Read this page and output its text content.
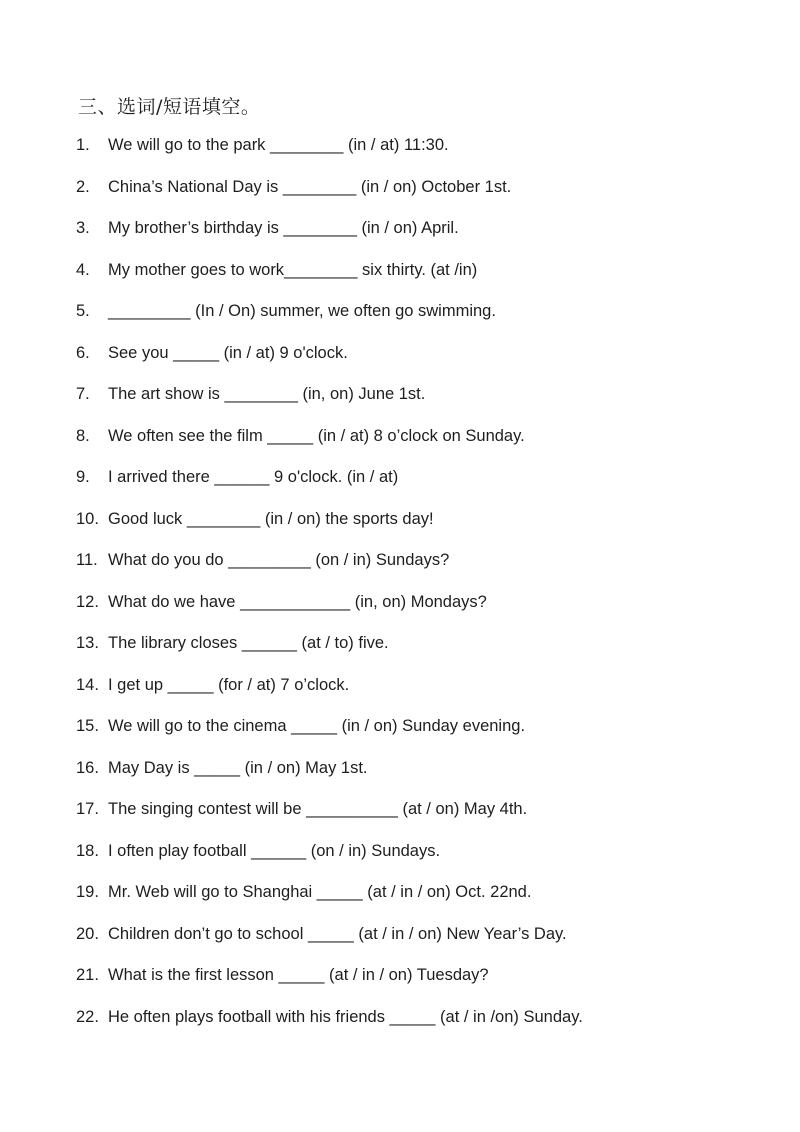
三、选词/短语填空。
1. We will go to the park ________ (in / at) 11:30.
2. China’s National Day is ________ (in / on) October 1st.
3. My brother’s birthday is ________ (in / on) April.
4. My mother goes to work________ six thirty. (at /in)
5. _________ (In / On) summer, we often go swimming.
6. See you _____ (in / at) 9 o'clock.
7. The art show is ________ (in, on) June 1st.
8. We often see the film _____ (in / at) 8 o’clock on Sunday.
9. I arrived there ______ 9 o'clock. (in / at)
10. Good luck ________ (in / on) the sports day!
11. What do you do _________ (on / in) Sundays?
12. What do we have ____________ (in, on) Mondays?
13. The library closes ______ (at / to) five.
14. I get up _____ (for / at) 7 o’clock.
15. We will go to the cinema _____ (in / on) Sunday evening.
16. May Day is _____ (in / on) May 1st.
17. The singing contest will be __________ (at / on) May 4th.
18. I often play football ______ (on / in) Sundays.
19. Mr. Web will go to Shanghai _____ (at / in / on) Oct. 22nd.
20. Children don’t go to school _____ (at / in / on) New Year’s Day.
21. What is the first lesson _____ (at / in / on) Tuesday?
22. He often plays football with his friends _____ (at / in /on) Sunday.
